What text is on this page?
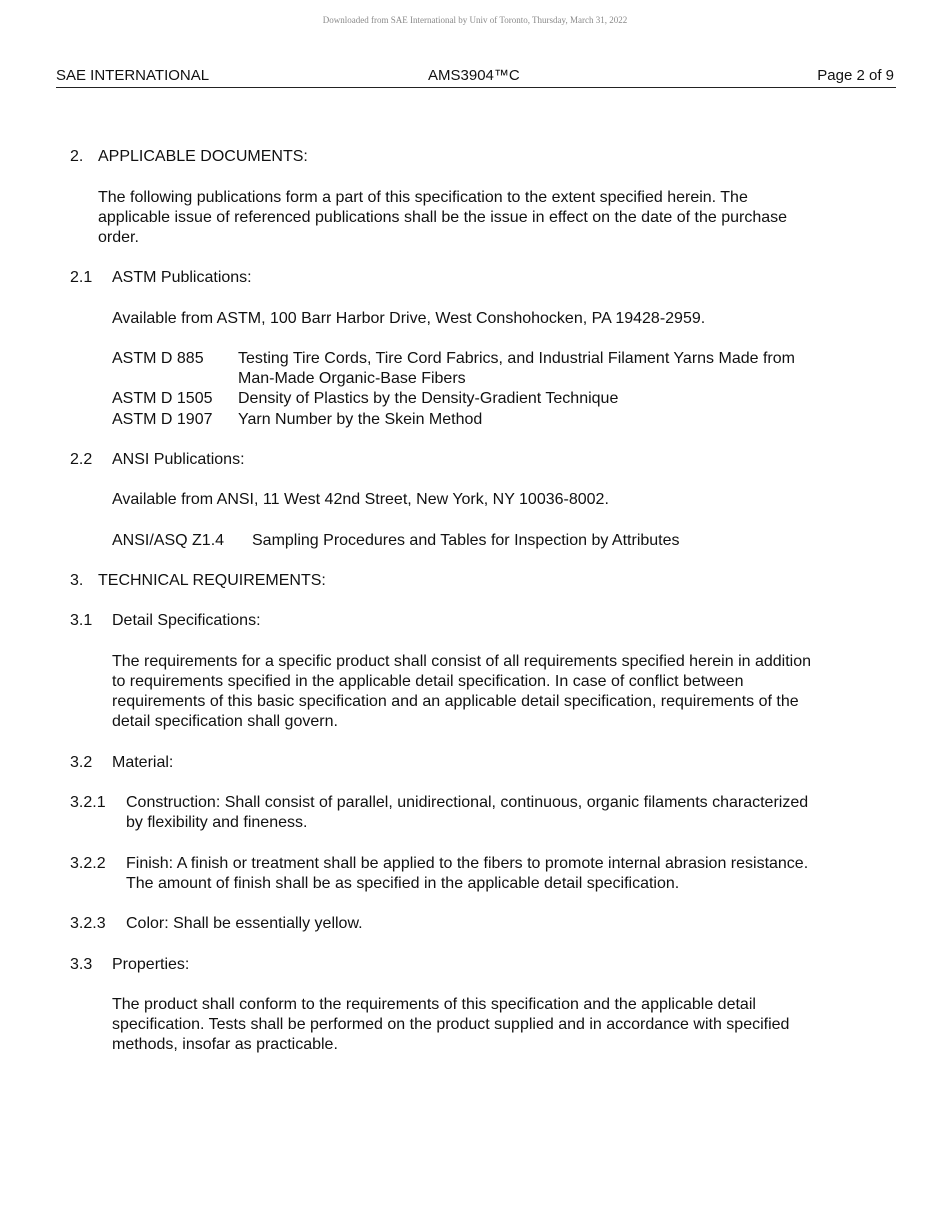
Downloaded from SAE International by Univ of Toronto, Thursday, March 31, 2022
SAE INTERNATIONAL	AMS3904™C	Page 2 of 9
2. APPLICABLE DOCUMENTS:
The following publications form a part of this specification to the extent specified herein. The
applicable issue of referenced publications shall be the issue in effect on the date of the purchase
order.
2.1 ASTM Publications:
Available from ASTM, 100 Barr Harbor Drive, West Conshohocken, PA 19428-2959.
ASTM D 885 Testing Tire Cords, Tire Cord Fabrics, and Industrial Filament Yarns Made from
Man-Made Organic-Base Fibers
ASTM D 1505 Density of Plastics by the Density-Gradient Technique
ASTM D 1907 Yarn Number by the Skein Method
2.2 ANSI Publications:
Available from ANSI, 11 West 42nd Street, New York, NY 10036-8002.
ANSI/ASQ Z1.4 Sampling Procedures and Tables for Inspection by Attributes
3. TECHNICAL REQUIREMENTS:
3.1 Detail Specifications:
The requirements for a specific product shall consist of all requirements specified herein in addition
to requirements specified in the applicable detail specification. In case of conflict between
requirements of this basic specification and an applicable detail specification, requirements of the
detail specification shall govern.
3.2 Material:
3.2.1 Construction: Shall consist of parallel, unidirectional, continuous, organic filaments characterized
by flexibility and fineness.
3.2.2 Finish: A finish or treatment shall be applied to the fibers to promote internal abrasion resistance.
The amount of finish shall be as specified in the applicable detail specification.
3.2.3 Color: Shall be essentially yellow.
3.3 Properties:
The product shall conform to the requirements of this specification and the applicable detail
specification. Tests shall be performed on the product supplied and in accordance with specified
methods, insofar as practicable.
